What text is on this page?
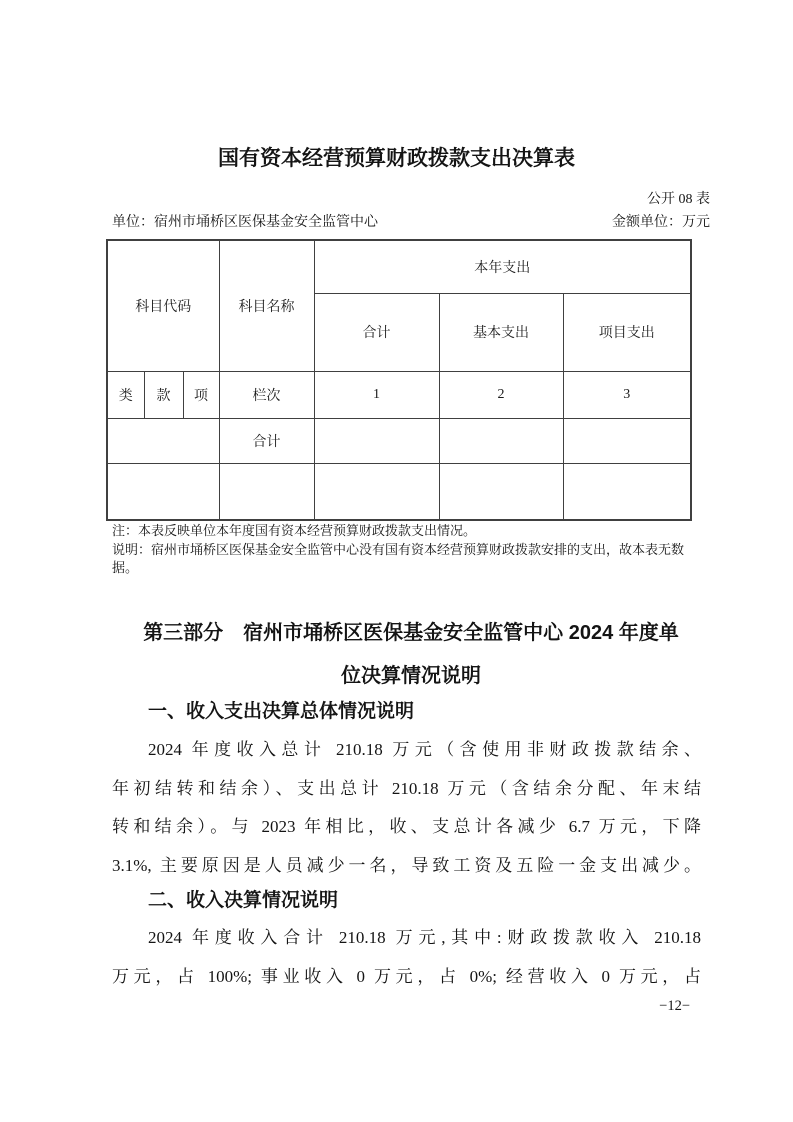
国有资本经营预算财政拨款支出决算表
公开 08 表
单位：宿州市埇桥区医保基金安全监管中心	金额单位：万元
科目代码			科目名称	本年支出		
				合计	基本支出	项目支出
类	款	项	栏次	1	2	3
			合计			

注：本表反映单位本年度国有资本经营预算财政拨款支出情况。
说明：宿州市埇桥区医保基金安全监管中心没有国有资本经营预算财政拨款安排的支出，故本表无数
据。
第三部分　宿州市埇桥区医保基金安全监管中心 2024 年度单
位决算情况说明
一、收入支出决算总体情况说明
2024 年度收入总计 210.18 万元（含使用非财政拨款结余、
年初结转和结余）、支出总计 210.18 万元（含结余分配、年末结
转和结余）。与 2023 年相比，收、支总计各减少 6.7 万元，下降
3.1%, 主要原因是人员减少一名，导致工资及五险一金支出减少。
二、收入决算情况说明
2024 年度收入合计 210.18 万元,其中:财政拨款收入 210.18
万元，占 100%; 事业收入 0 万元，占 0%; 经营收入 0 万元，占
−12−
